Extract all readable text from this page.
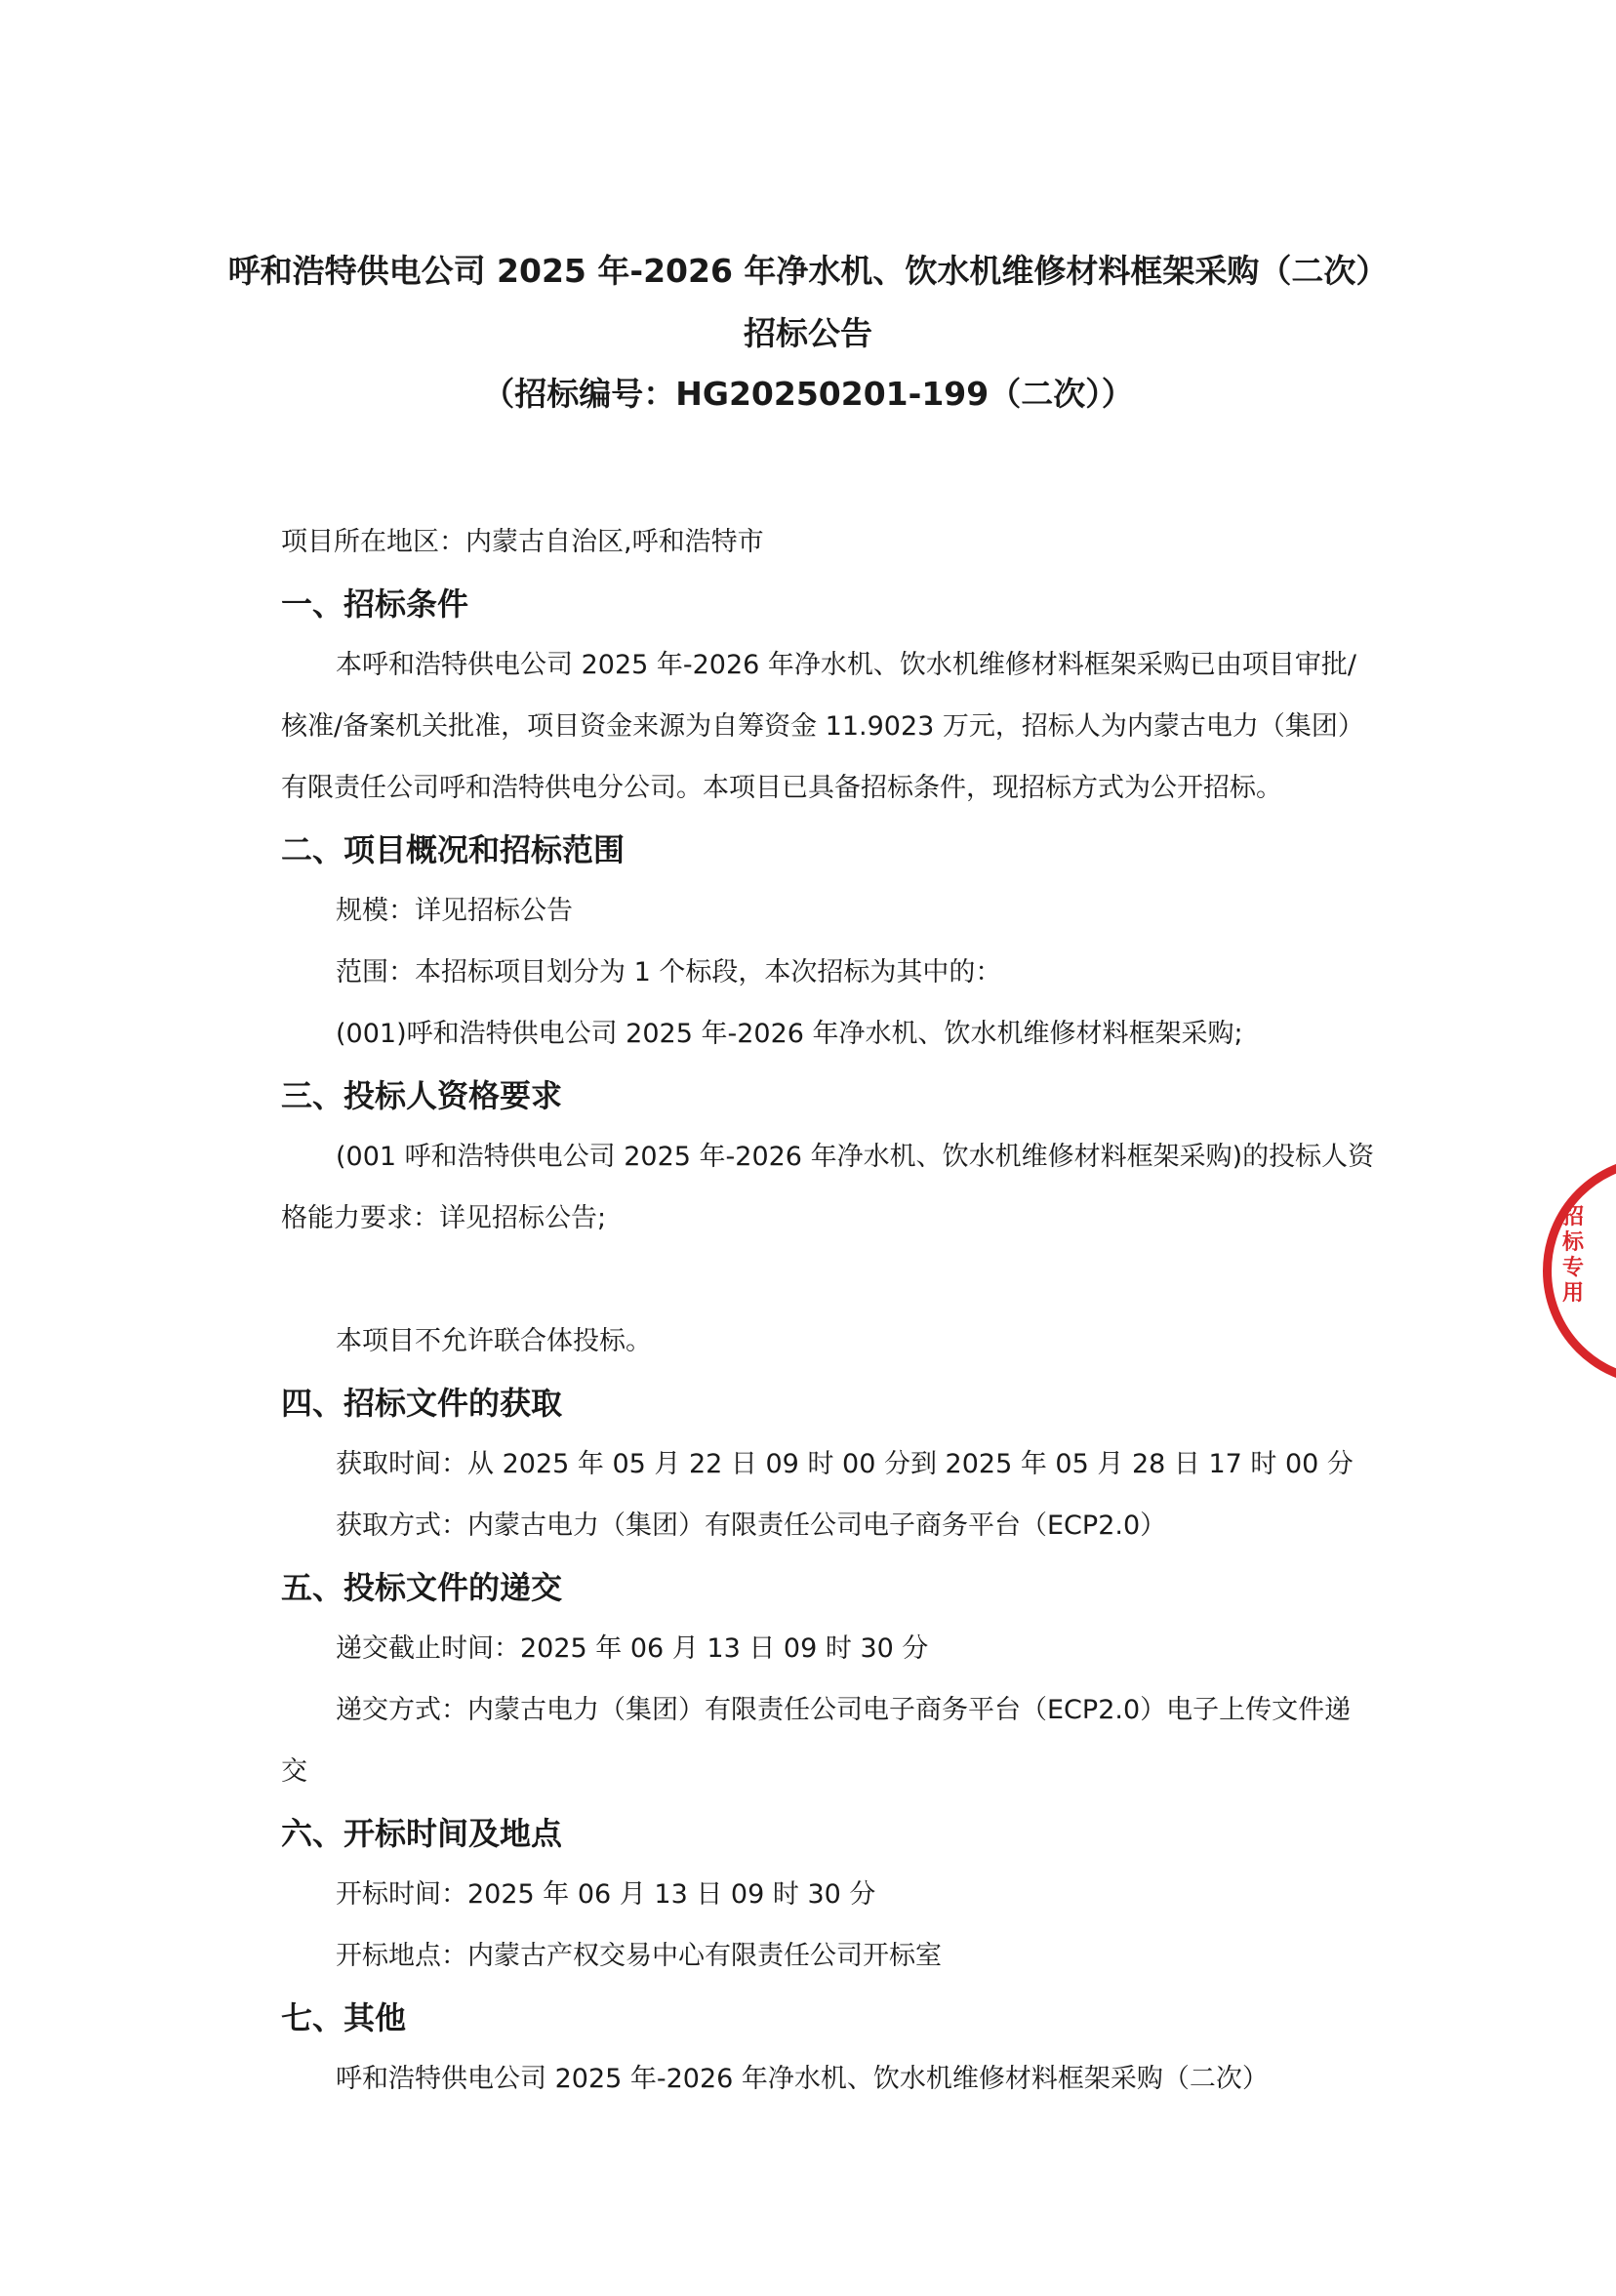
呼和浩特供电公司 2025 年-2026 年净水机、饮水机维修材料框架采购（二次）
招标公告
（招标编号：HG20250201-199（二次））
项目所在地区：内蒙古自治区,呼和浩特市
一、招标条件
本呼和浩特供电公司 2025 年-2026 年净水机、饮水机维修材料框架采购已由项目审批/
核准/备案机关批准，项目资金来源为自筹资金 11.9023 万元，招标人为内蒙古电力（集团）
有限责任公司呼和浩特供电分公司。本项目已具备招标条件，现招标方式为公开招标。
二、项目概况和招标范围
规模：详见招标公告
范围：本招标项目划分为 1 个标段，本次招标为其中的：
(001)呼和浩特供电公司 2025 年-2026 年净水机、饮水机维修材料框架采购;
三、投标人资格要求
(001 呼和浩特供电公司 2025 年-2026 年净水机、饮水机维修材料框架采购)的投标人资
格能力要求：详见招标公告;
本项目不允许联合体投标。
四、招标文件的获取
获取时间：从 2025 年 05 月 22 日 09 时 00 分到 2025 年 05 月 28 日 17 时 00 分
获取方式：内蒙古电力（集团）有限责任公司电子商务平台（ECP2.0）
五、投标文件的递交
递交截止时间：2025 年 06 月 13 日 09 时 30 分
递交方式：内蒙古电力（集团）有限责任公司电子商务平台（ECP2.0）电子上传文件递
交
六、开标时间及地点
开标时间：2025 年 06 月 13 日 09 时 30 分
开标地点：内蒙古产权交易中心有限责任公司开标室
七、其他
呼和浩特供电公司 2025 年-2026 年净水机、饮水机维修材料框架采购（二次）
招标专用
